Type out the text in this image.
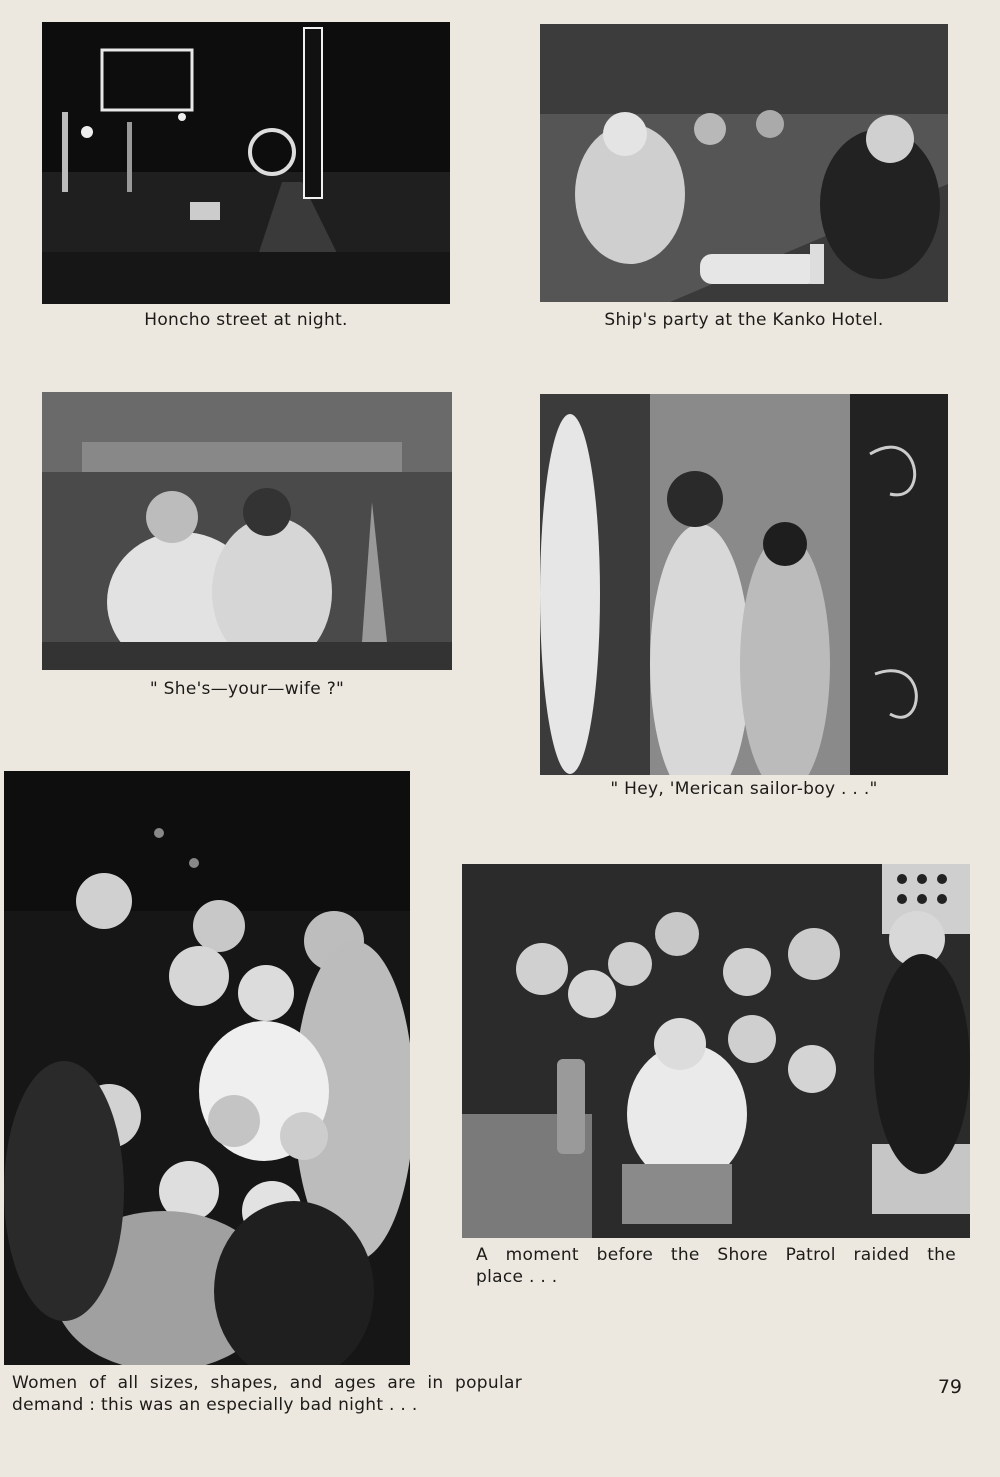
Honcho street at night.	Ship's party at the Kanko Hotel.
" She's—your—wife ?"
" Hey, 'Merican sailor-boy . . ."
Women of all sizes, shapes, and ages are in popular
demand : this was an especially bad night . . .
A moment before the Shore Patrol raided the
place . . .
79
